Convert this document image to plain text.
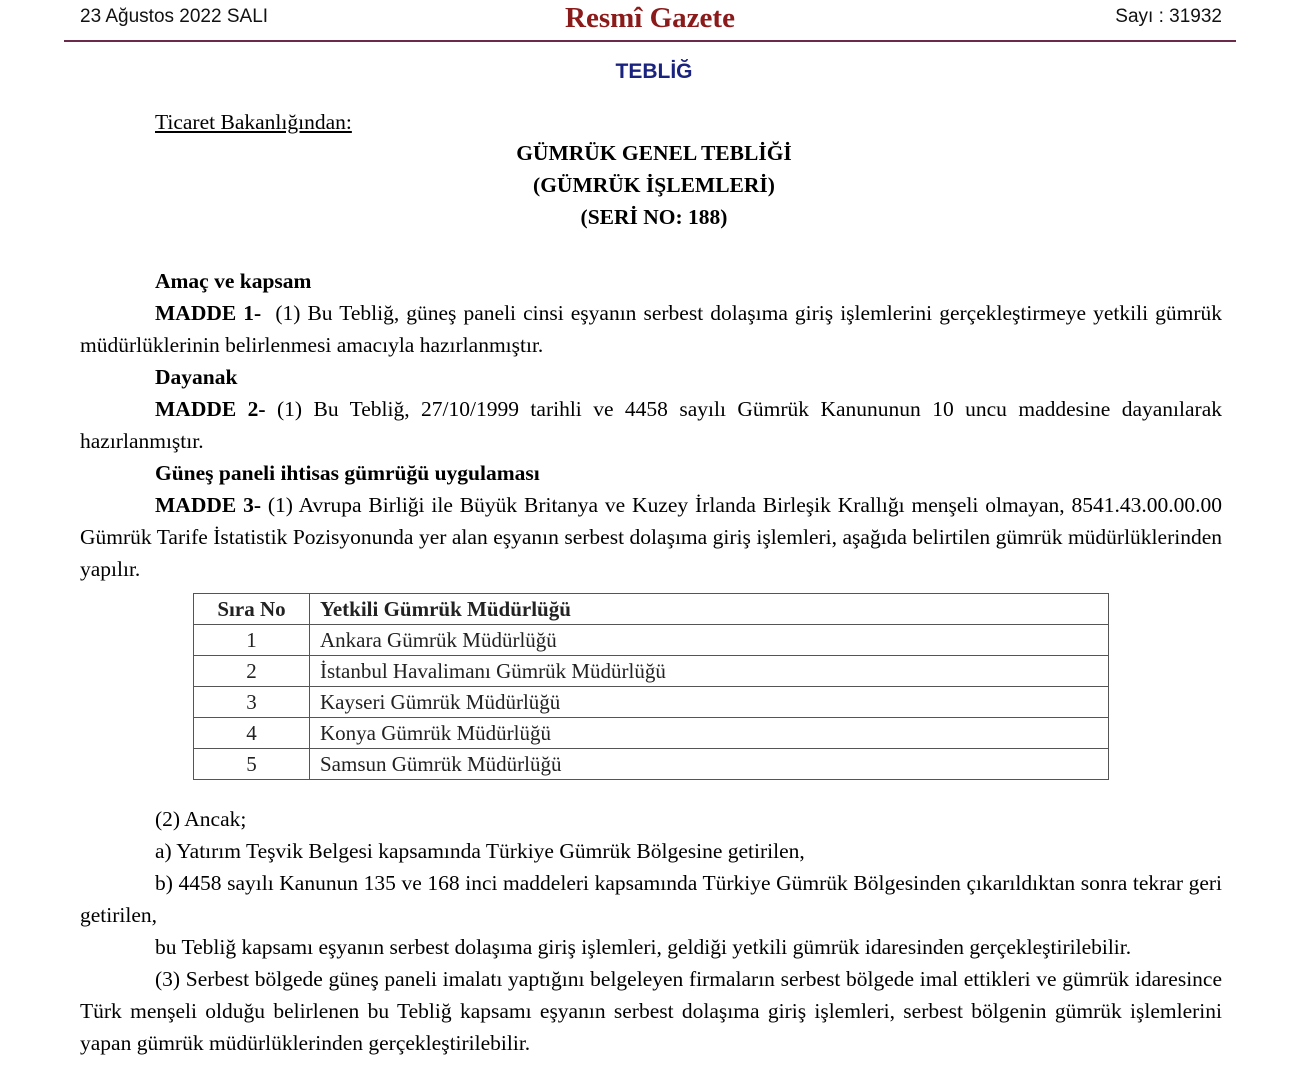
23 Ağustos 2022 SALI	Resmî Gazete	Sayı : 31932
TEBLİĞ
Ticaret Bakanlığından:
GÜMRÜK GENEL TEBLİĞİ
(GÜMRÜK İŞLEMLERİ)
(SERİ NO: 188)
Amaç ve kapsam
MADDE 1- (1) Bu Tebliğ, güneş paneli cinsi eşyanın serbest dolaşıma giriş işlemlerini gerçekleştirmeye yetkili gümrük müdürlüklerinin belirlenmesi amacıyla hazırlanmıştır.
Dayanak
MADDE 2- (1) Bu Tebliğ, 27/10/1999 tarihli ve 4458 sayılı Gümrük Kanununun 10 uncu maddesine dayanılarak hazırlanmıştır.
Güneş paneli ihtisas gümrüğü uygulaması
MADDE 3- (1) Avrupa Birliği ile Büyük Britanya ve Kuzey İrlanda Birleşik Krallığı menşeli olmayan, 8541.43.00.00.00 Gümrük Tarife İstatistik Pozisyonunda yer alan eşyanın serbest dolaşıma giriş işlemleri, aşağıda belirtilen gümrük müdürlüklerinden yapılır.
Sıra No	Yetkili Gümrük Müdürlüğü
1	Ankara Gümrük Müdürlüğü
2	İstanbul Havalimanı Gümrük Müdürlüğü
3	Kayseri Gümrük Müdürlüğü
4	Konya Gümrük Müdürlüğü
5	Samsun Gümrük Müdürlüğü
(2) Ancak;
a) Yatırım Teşvik Belgesi kapsamında Türkiye Gümrük Bölgesine getirilen,
b) 4458 sayılı Kanunun 135 ve 168 inci maddeleri kapsamında Türkiye Gümrük Bölgesinden çıkarıldıktan sonra tekrar geri getirilen,
bu Tebliğ kapsamı eşyanın serbest dolaşıma giriş işlemleri, geldiği yetkili gümrük idaresinden gerçekleştirilebilir.
(3) Serbest bölgede güneş paneli imalatı yaptığını belgeleyen firmaların serbest bölgede imal ettikleri ve gümrük idaresince Türk menşeli olduğu belirlenen bu Tebliğ kapsamı eşyanın serbest dolaşıma giriş işlemleri, serbest bölgenin gümrük işlemlerini yapan gümrük müdürlüklerinden gerçekleştirilebilir.
